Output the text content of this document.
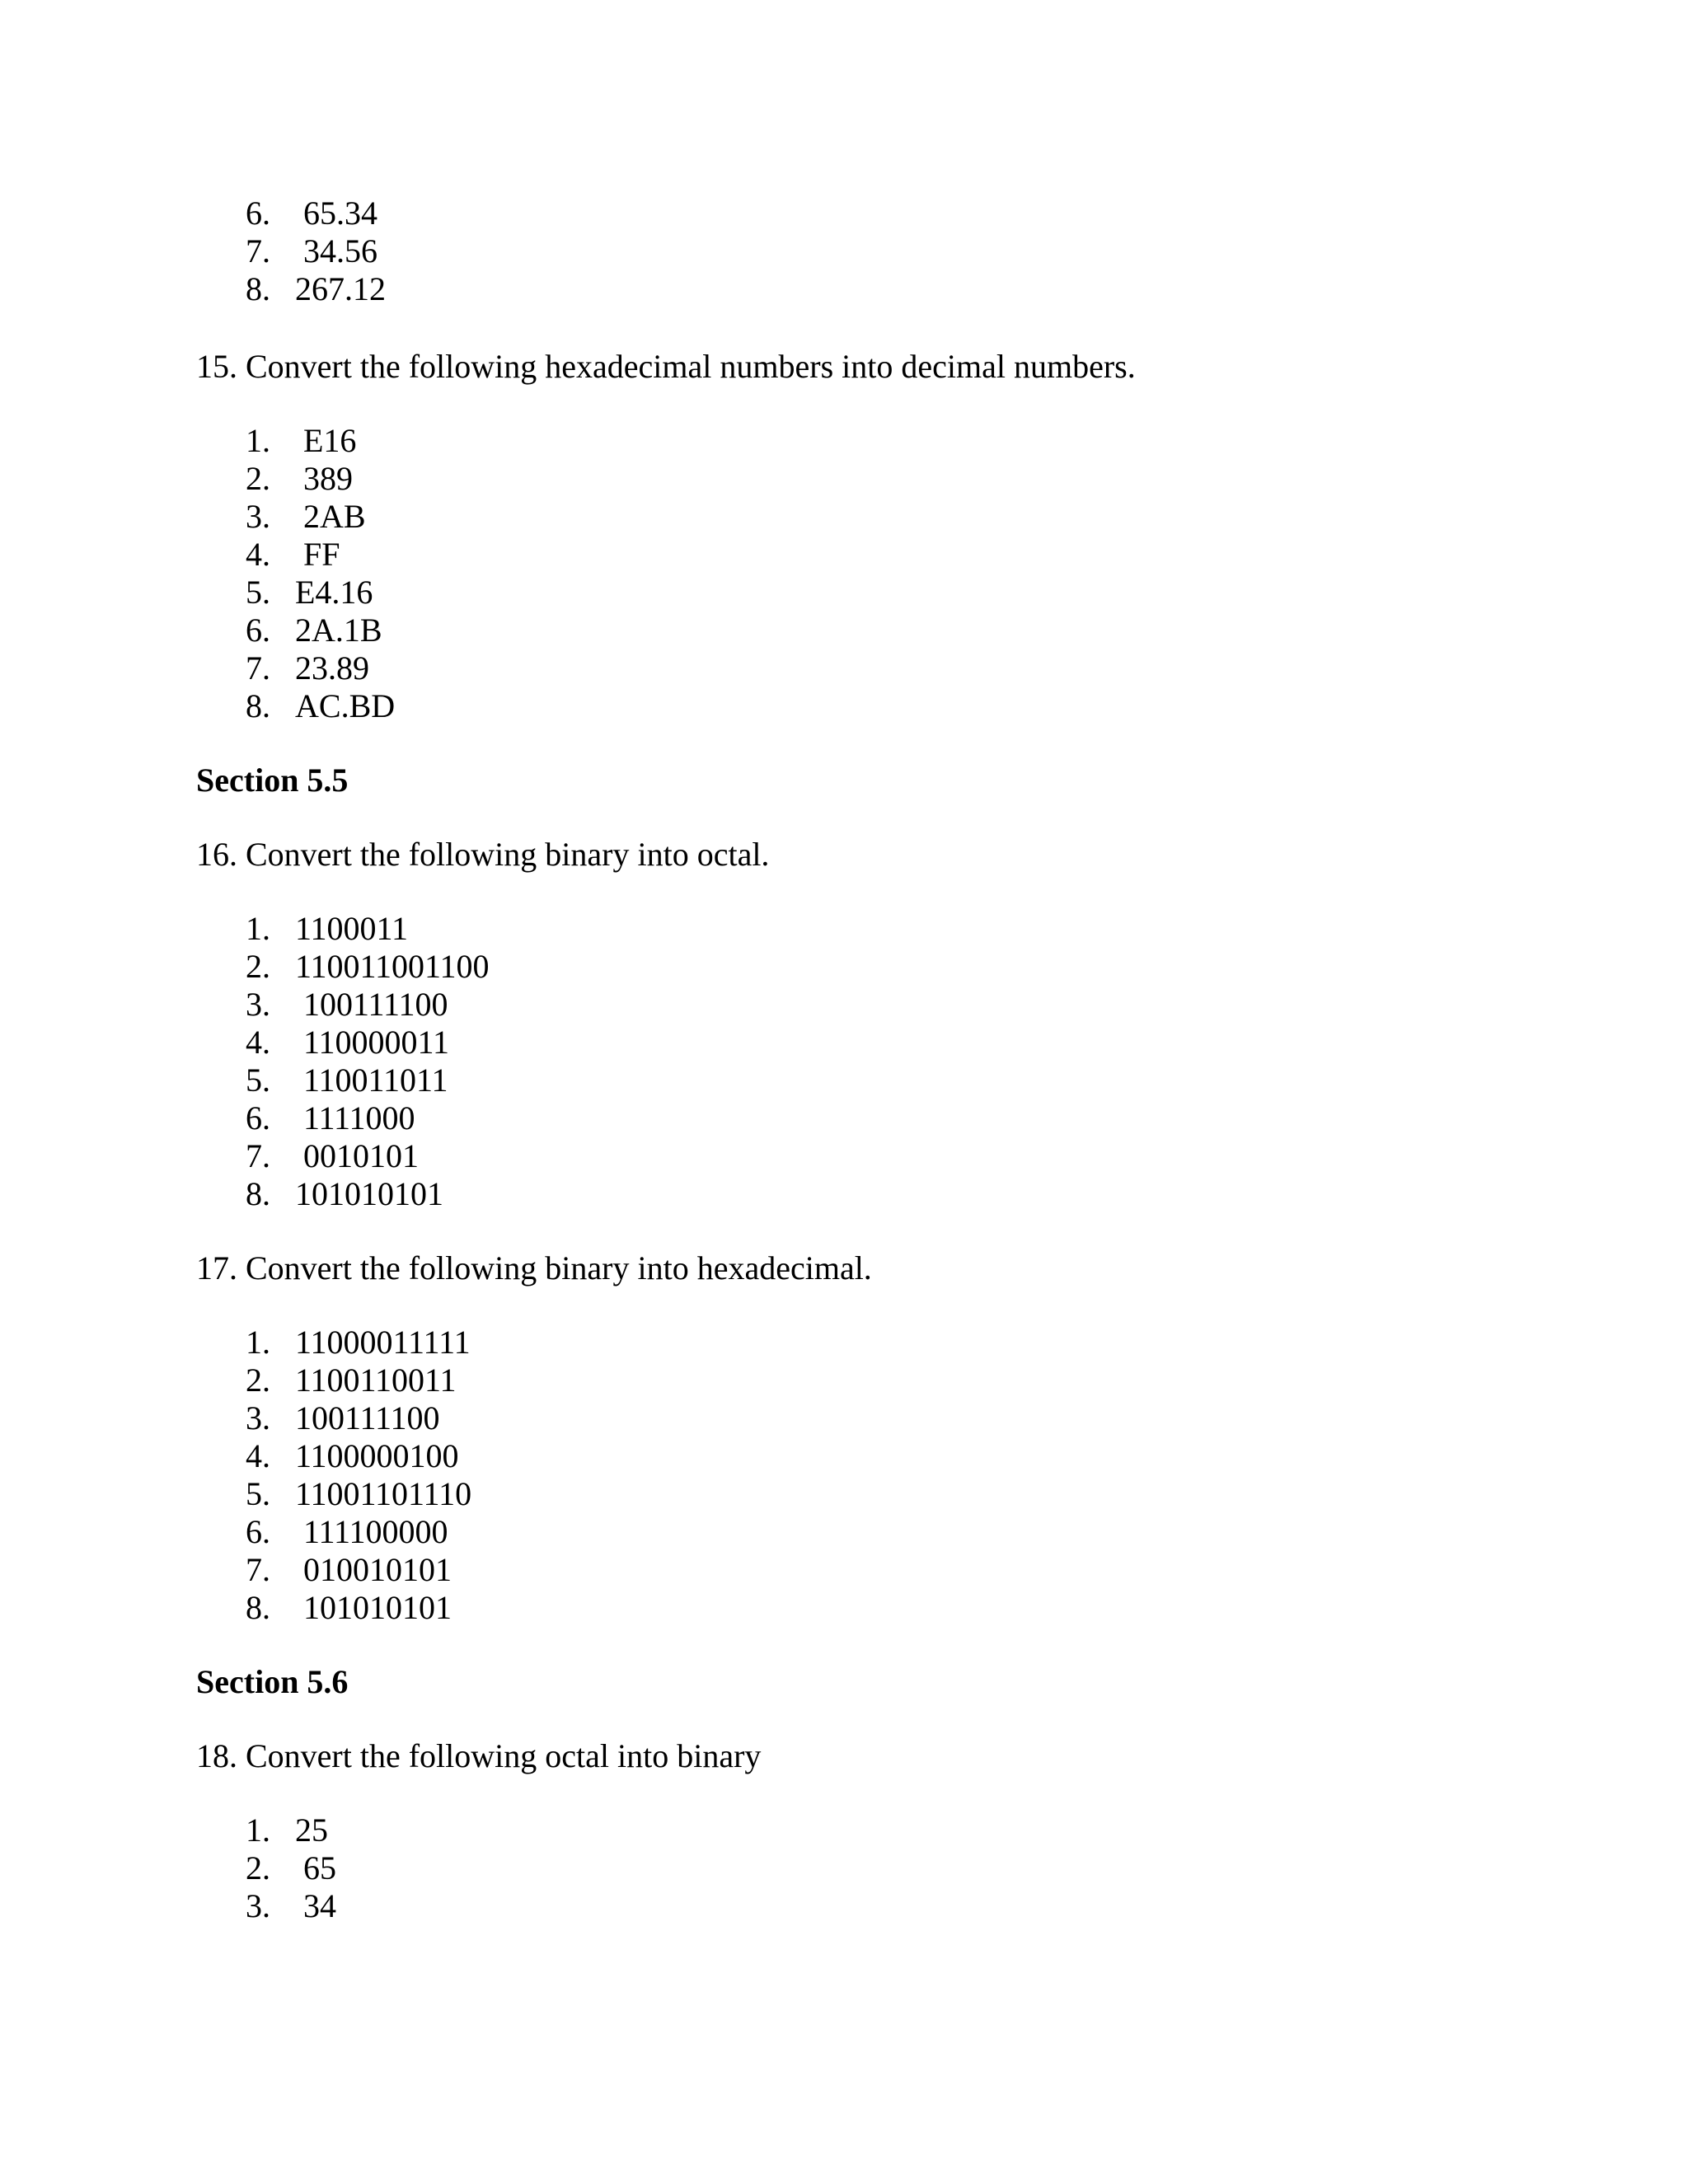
6. 65.34
7. 34.56
8. 267.12
15. Convert the following hexadecimal numbers into decimal numbers.
1. E16
2. 389
3. 2AB
4. FF
5. E4.16
6. 2A.1B
7. 23.89
8. AC.BD
Section 5.5
16. Convert the following binary into octal.
1. 1100011
2. 110011001100
3. 100111100
4. 110000011
5. 110011011
6. 1111000
7. 0010101
8. 101010101
17. Convert the following binary into hexadecimal.
1. 11000011111
2. 1100110011
3. 100111100
4. 1100000100
5. 11001101110
6. 111100000
7. 010010101
8. 101010101
Section 5.6
18. Convert the following octal into binary
1. 25
2. 65
3. 34
